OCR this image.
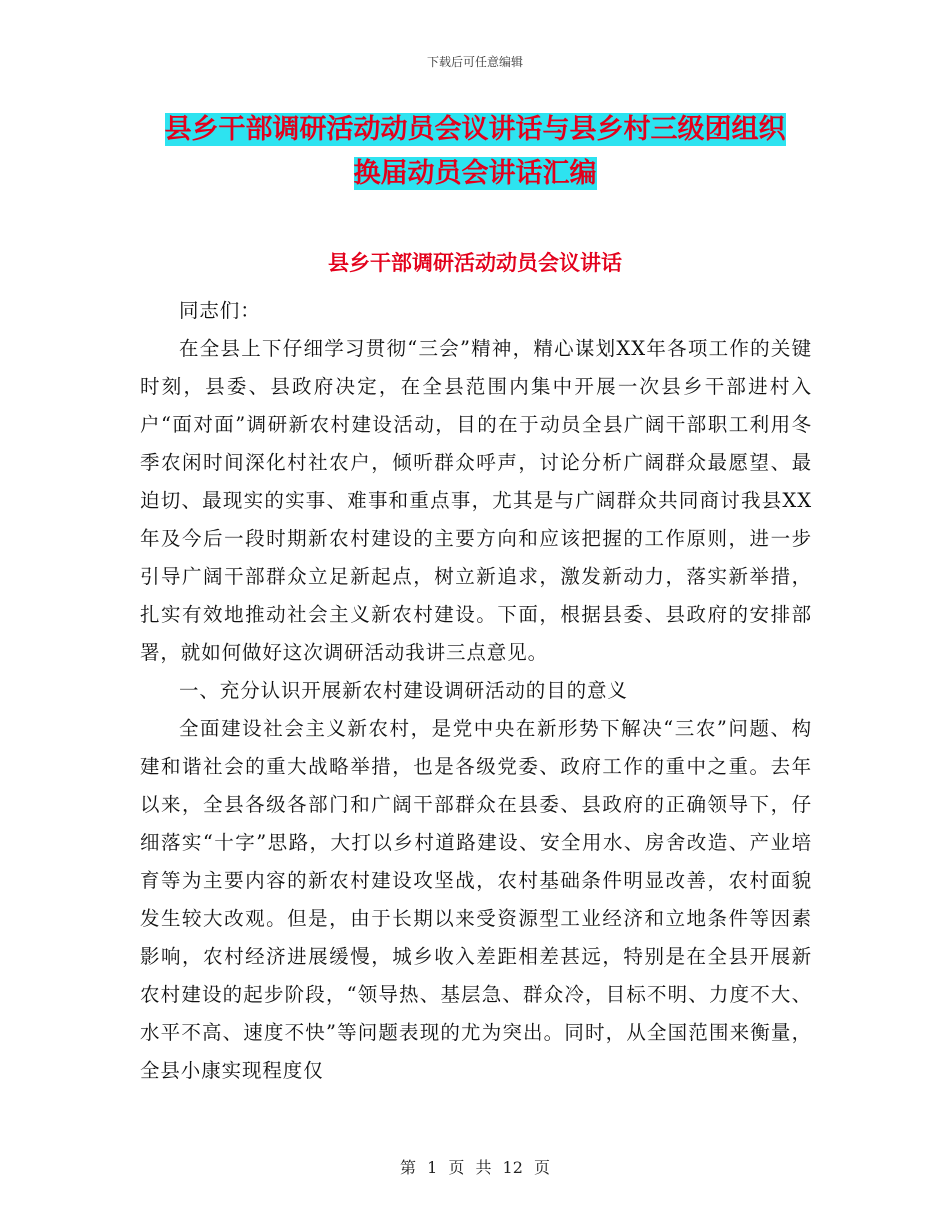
下载后可任意编辑
县乡干部调研活动动员会议讲话与县乡村三级团组织
换届动员会讲话汇编
县乡干部调研活动动员会议讲话

同志们：

在全县上下仔细学习贯彻“三会”精神，精心谋划XX年各项工作的关键时刻，县委、县政府决定，在全县范围内集中开展一次县乡干部进村入户“面对面”调研新农村建设活动，目的在于动员全县广阔干部职工利用冬季农闲时间深化村社农户，倾听群众呼声，讨论分析广阔群众最愿望、最迫切、最现实的实事、难事和重点事，尤其是与广阔群众共同商讨我县XX年及今后一段时期新农村建设的主要方向和应该把握的工作原则，进一步引导广阔干部群众立足新起点，树立新追求，激发新动力，落实新举措，扎实有效地推动社会主义新农村建设。下面，根据县委、县政府的安排部署，就如何做好这次调研活动我讲三点意见。

一、充分认识开展新农村建设调研活动的目的意义

全面建设社会主义新农村，是党中央在新形势下解决“三农”问题、构建和谐社会的重大战略举措，也是各级党委、政府工作的重中之重。去年以来，全县各级各部门和广阔干部群众在县委、县政府的正确领导下，仔细落实“十字”思路，大打以乡村道路建设、安全用水、房舍改造、产业培育等为主要内容的新农村建设攻坚战，农村基础条件明显改善，农村面貌发生较大改观。但是，由于长期以来受资源型工业经济和立地条件等因素影响，农村经济进展缓慢，城乡收入差距相差甚远，特别是在全县开展新农村建设的起步阶段，“领导热、基层急、群众冷，目标不明、力度不大、水平不高、速度不快”等问题表现的尤为突出。同时，从全国范围来衡量，全县小康实现程度仅

第 1 页 共 12 页
